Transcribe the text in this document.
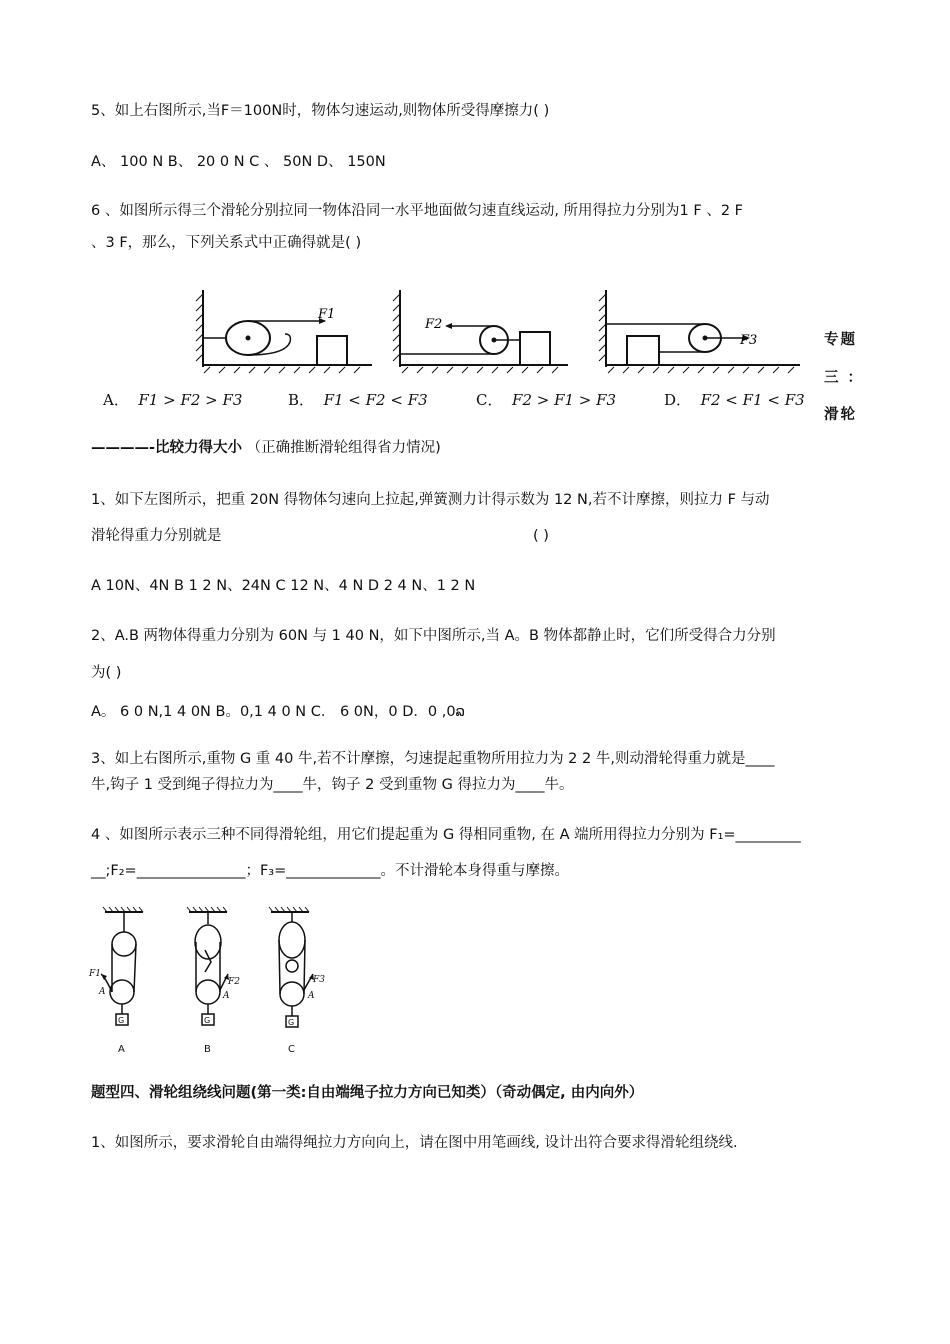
5、如上右图所示,当F＝100N时，物体匀速运动,则物体所受得摩擦力( )
A、 100 N B、 20 0 N C 、 50N D、 150N
6 、如图所示得三个滑轮分别拉同一物体沿同一水平地面做匀速直线运动, 所用得拉力分别为1 F 、2 F
、3 F，那么，下列关系式中正确得就是( )
F1
F2
F3
A． F1 > F2 > F3	B． F1 < F2 < F3	C． F2 > F1 > F3	D． F2 < F1 < F3
专题
三 ：
滑轮
————-比较力得大小 （正确推断滑轮组得省力情况)
1、如下左图所示，把重 20N 得物体匀速向上拉起,弹簧测力计得示数为 12 N,若不计摩擦，则拉力 F 与动
滑轮得重力分别就是	( )
A 10N、4N B 1 2 N、24N C 12 N、4 N D 2 4 N、1 2 N
2、A.B 两物体得重力分别为 60N 与 1 40 N，如下中图所示,当 A。B 物体都静止时，它们所受得合力分别
为( )
A。 6 0 N,1 4 0N B。0,1 4 0 N C． 6 0N，0 D．0 ,0ລ
3、如上右图所示,重物 G 重 40 牛,若不计摩擦，匀速提起重物所用拉力为 2 2 牛,则动滑轮得重力就是____
牛,钩子 1 受到绳子得拉力为____牛，钩子 2 受到重物 G 得拉力为____牛。
4 、如图所示表示三种不同得滑轮组，用它们提起重为 G 得相同重物, 在 A 端所用得拉力分别为 F₁=_________
__;F₂=_______________；F₃=_____________。不计滑轮本身得重与摩擦。
F1
A
F2
A
F3
A
G	G	G
A	B	C
题型四、滑轮组绕线问题(第一类:自由端绳子拉力方向已知类）（奇动偶定, 由内向外）
1、如图所示，要求滑轮自由端得绳拉力方向向上，请在图中用笔画线, 设计出符合要求得滑轮组绕线.
